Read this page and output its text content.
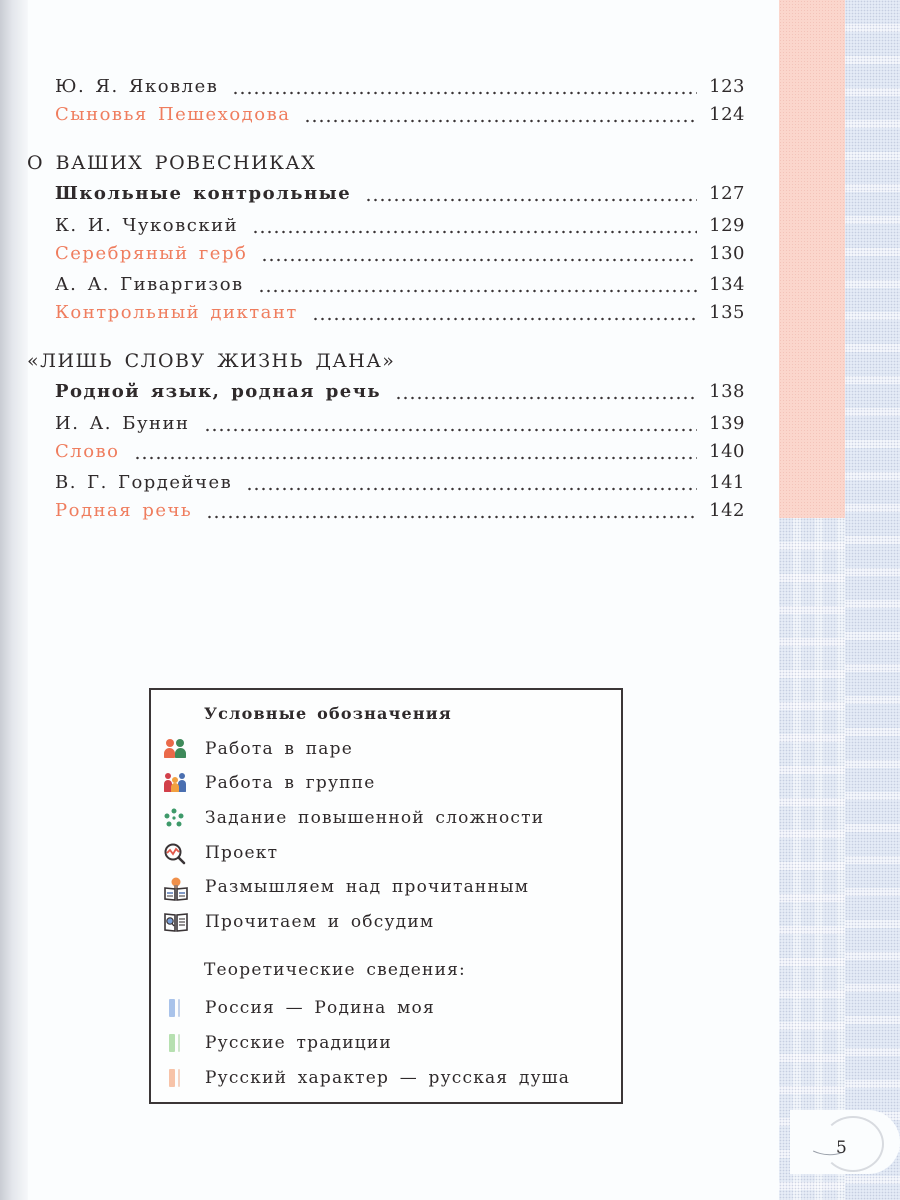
Ю. Я. Яковлев	123
Сыновья Пешеходова	124
О ВАШИХ РОВЕСНИКАХ
Школьные контрольные	127
К. И. Чуковский	129
Серебряный герб	130
А. А. Гиваргизов	134
Контрольный диктант	135
«ЛИШЬ СЛОВУ ЖИЗНЬ ДАНА»
Родной язык, родная речь	138
И. А. Бунин	139
Слово	140
В. Г. Гордейчев	141
Родная речь	142
Условные обозначения
Работа в паре
Работа в группе
Задание повышенной сложности
Проект
Размышляем над прочитанным
Прочитаем и обсудим
Теоретические сведения:
Россия — Родина моя
Русские традиции
Русский характер — русская душа
5
